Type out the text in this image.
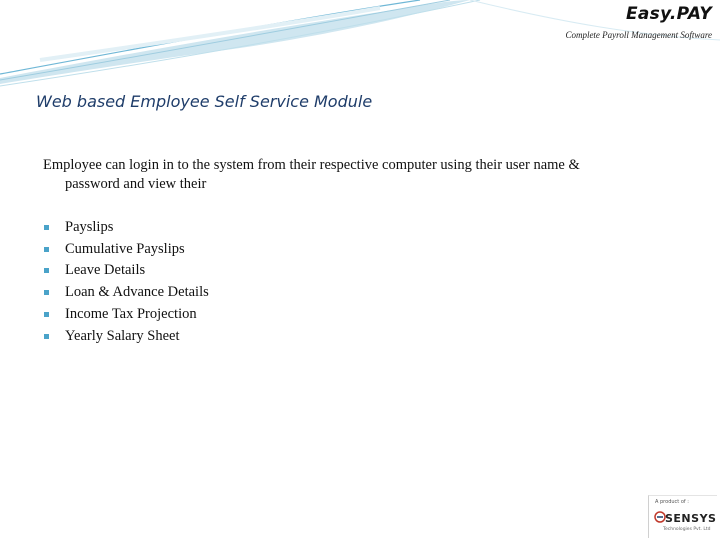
Easy.PAY
Complete Payroll Management Software
Web based Employee Self Service Module
Employee can login in to the system from their respective computer using their user name &
password and view their
Payslips
Cumulative Payslips
Leave Details
Loan & Advance Details
Income Tax Projection
Yearly Salary Sheet
A product of :
SENSYS
Technologies Pvt. Ltd
